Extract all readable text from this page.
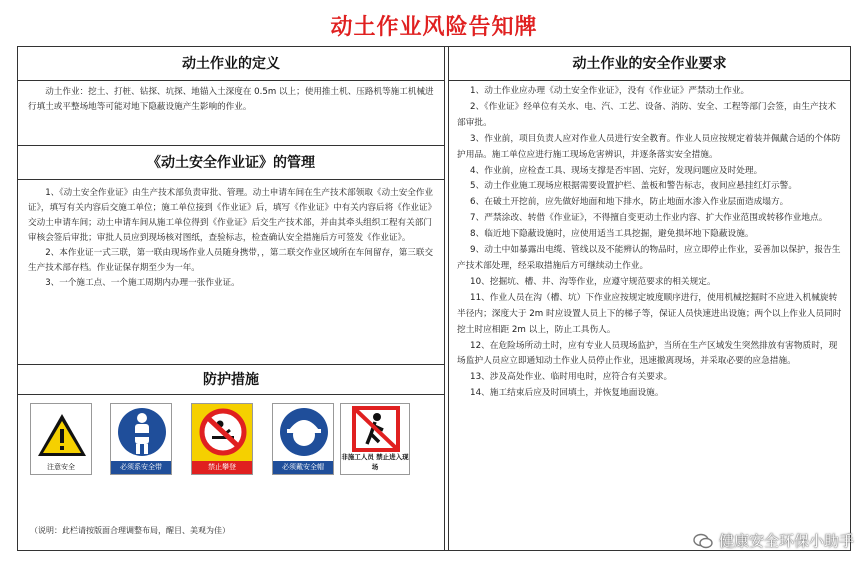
动土作业风险告知牌
动土作业的定义
动土作业：挖土、打桩、钻探、坑探、地锚入土深度在 0.5m 以上；使用推土机、压路机等施工机械进行填土或平整场地等可能对地下隐蔽设施产生影响的作业。
《动土安全作业证》的管理
1、《动土安全作业证》由生产技术部负责审批、管理。动土申请车间在生产技术部领取《动土安全作业证》，填写有关内容后交施工单位；施工单位接到《作业证》后，填写《作业证》中有关内容后将《作业证》交动土申请车间；动土申请车间从施工单位得到《作业证》后交生产技术部，并由其牵头组织工程有关部门审核会签后审批；审批人员应到现场核对图纸，查验标志，检查确认安全措施后方可签发《作业证》。
2、本作业证一式三联，第一联由现场作业人员随身携带，，第二联交作业区域所在车间留存，第三联交生产技术部存档。作业证保存期至少为一年。
3、一个施工点、一个施工周期内办理一张作业证。
防护措施
注意安全	必须系安全带	禁止攀登	必须戴安全帽
非施工人员 禁止进入现场
（说明：此栏请按版面合理调整布局，醒目、美观为佳）
动土作业的安全作业要求

1、动土作业应办理《动土安全作业证》，没有《作业证》严禁动土作业。

2、《作业证》经单位有关水、电、汽、工艺、设备、消防、安全、工程等部门会签，由生产技术部审批。

3、作业前，项目负责人应对作业人员进行安全教育。作业人员应按规定着装并佩戴合适的个体防护用品。施工单位应进行施工现场危害辨识，并逐条落实安全措施。

4、作业前，应检查工具、现场支撑是否牢固、完好，发现问题应及时处理。

5、动土作业施工现场应根据需要设置护栏、盖板和警告标志，夜间应悬挂红灯示警。

6、在破土开挖前，应先做好地面和地下排水，防止地面水渗入作业层面造成塌方。

7、严禁涂改、转借《作业证》，不得擅自变更动土作业内容、扩大作业范围或转移作业地点。

8、临近地下隐蔽设施时，应使用适当工具挖掘，避免损坏地下隐蔽设施。

9、动土中如暴露出电缆、管线以及不能辨认的物品时，应立即停止作业，妥善加以保护，报告生产技术部处理，经采取措施后方可继续动土作业。

10、挖掘坑、槽、井、沟等作业，应遵守规范要求的相关规定。

11、作业人员在沟（槽、坑）下作业应按规定坡度顺序进行，使用机械挖掘时不应进入机械旋转半径内；深度大于 2m 时应设置人员上下的梯子等，保证人员快速进出设施；两个以上作业人员同时挖土时应相距 2m 以上，防止工具伤人。

12、在危险场所动土时，应有专业人员现场监护，当所在生产区域发生突然排放有害物质时，现场监护人员应立即通知动土作业人员停止作业，迅速撤离现场，并采取必要的应急措施。

13、涉及高处作业、临时用电时，应符合有关要求。

14、施工结束后应及时回填土，并恢复地面设施。

健康安全环保小助手
